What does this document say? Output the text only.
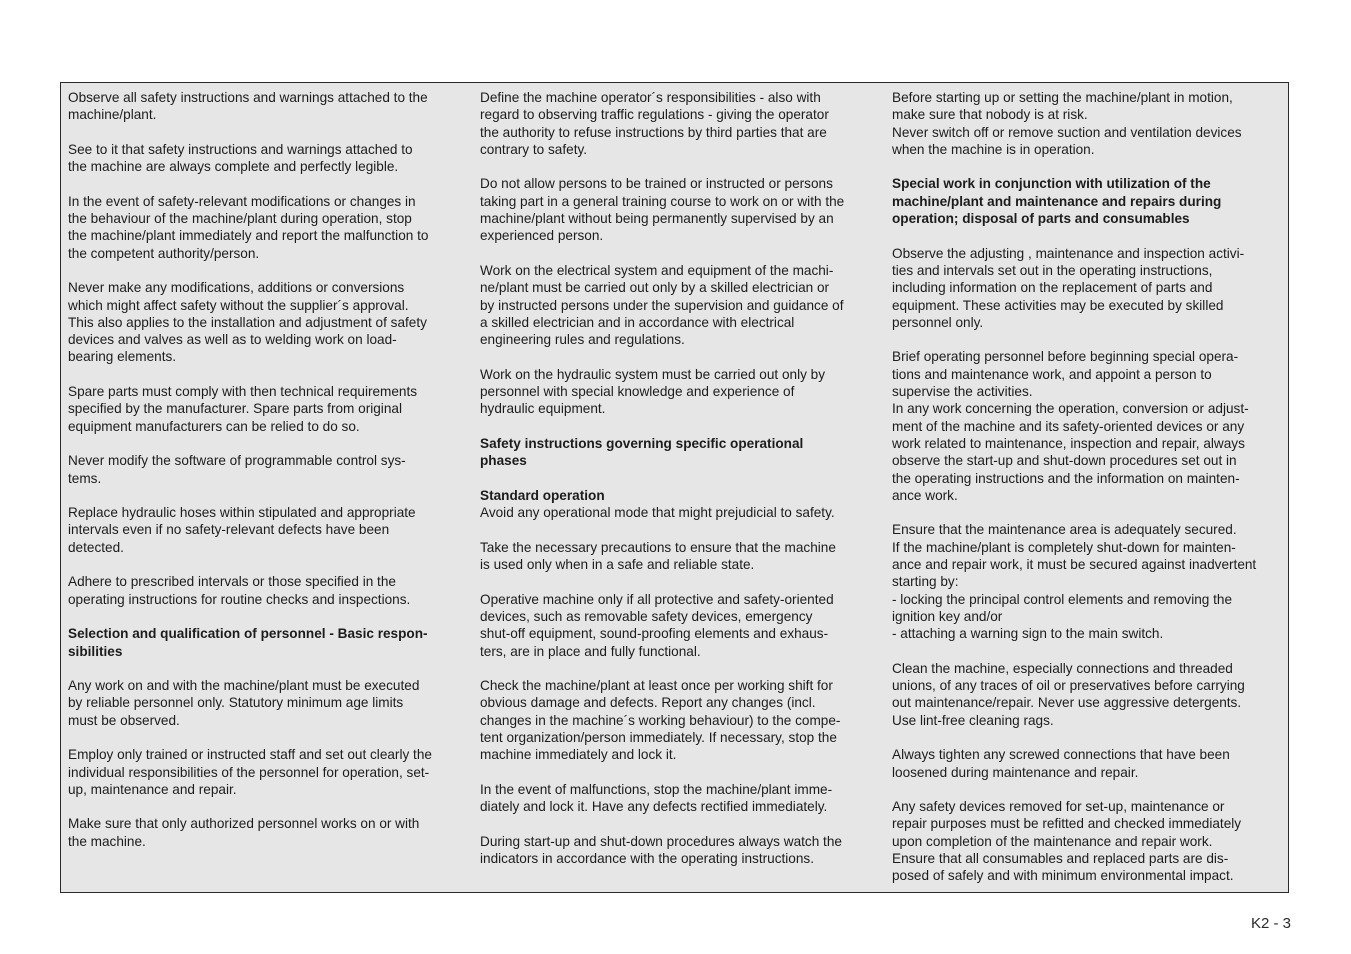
Observe all safety instructions and warnings attached to the
machine/plant.

See to it that safety instructions and warnings attached to
the machine are always complete and perfectly legible.

In the event of safety-relevant modifications or changes in
the behaviour of the machine/plant during operation, stop
the machine/plant immediately and report the malfunction to
the competent authority/person.

Never make any modifications, additions or conversions
which might affect safety without the supplier´s approval.
This also applies to the installation and adjustment of safety
devices and valves as well as to welding work on load-
bearing elements.

Spare parts must comply with then technical requirements
specified by the manufacturer. Spare parts from original
equipment manufacturers can be relied to do so.

Never modify the software of programmable control sys-
tems.

Replace hydraulic hoses within stipulated and appropriate
intervals even if no safety-relevant defects have been
detected.

Adhere to prescribed intervals or those specified in the
operating instructions for routine checks and inspections.

Selection and qualification of personnel - Basic respon-
sibilities

Any work on and with the machine/plant must be executed
by reliable personnel only. Statutory minimum age limits
must be observed.

Employ only trained or instructed staff and set out clearly the
individual responsibilities of the personnel for operation, set-
up, maintenance and repair.

Make sure that only authorized personnel works on or with
the machine.

Define the machine operator´s responsibilities - also with
regard to observing traffic regulations - giving the operator
the authority to refuse instructions by third parties that are
contrary to safety.

Do not allow persons to be trained or instructed or persons
taking part in a general training course to work on or with the
machine/plant without being permanently supervised by an
experienced person.

Work on the electrical system and equipment of the machi-
ne/plant must be carried out only by a skilled electrician or
by instructed persons under the supervision and guidance of
a skilled electrician and in accordance with electrical
engineering rules and regulations.

Work on the hydraulic system must be carried out only by
personnel with special knowledge and experience of
hydraulic equipment.

Safety instructions governing specific operational
phases

Standard operation

Avoid any operational mode that might prejudicial to safety.

Take the necessary precautions to ensure that the machine
is used only when in a safe and reliable state.

Operative machine only if all protective and safety-oriented
devices, such as removable safety devices, emergency
shut-off equipment, sound-proofing elements and exhaus-
ters, are in place and fully functional.

Check the machine/plant at least once per working shift for
obvious damage and defects. Report any changes (incl.
changes in the machine´s working behaviour) to the compe-
tent organization/person immediately. If necessary, stop the
machine immediately and lock it.

In the event of malfunctions, stop the machine/plant imme-
diately and lock it. Have any defects rectified immediately.

During start-up and shut-down procedures always watch the
indicators in accordance with the operating instructions.

Before starting up or setting the machine/plant in motion,
make sure that nobody is at risk.
Never switch off or remove suction and ventilation devices
when the machine is in operation.

Special work in conjunction with utilization of the
machine/plant and maintenance and repairs during
operation; disposal of parts and consumables

Observe the adjusting , maintenance and inspection activi-
ties and intervals set out in the operating instructions,
including information on the replacement of parts and
equipment. These activities may be executed by skilled
personnel only.

Brief operating personnel before beginning special opera-
tions and maintenance work, and appoint a person to
supervise the activities.
In any work concerning the operation, conversion or adjust-
ment of the machine and its safety-oriented devices or any
work related to maintenance, inspection and repair, always
observe the start-up and shut-down procedures set out in
the operating instructions and the information on mainten-
ance work.

Ensure that the maintenance area is adequately secured.
If the machine/plant is completely shut-down for mainten-
ance and repair work, it must be secured against inadvertent
starting by:
- locking the principal control elements and removing the
ignition key and/or
- attaching a warning sign to the main switch.

Clean the machine, especially connections and threaded
unions, of any traces of oil or preservatives before carrying
out maintenance/repair. Never use aggressive detergents.
Use lint-free cleaning rags.

Always tighten any screwed connections that have been
loosened during maintenance and repair.

Any safety devices removed for set-up, maintenance or
repair purposes must be refitted and checked immediately
upon completion of the maintenance and repair work.
Ensure that all consumables and replaced parts are dis-
posed of safely and with minimum environmental impact.

K2 - 3
